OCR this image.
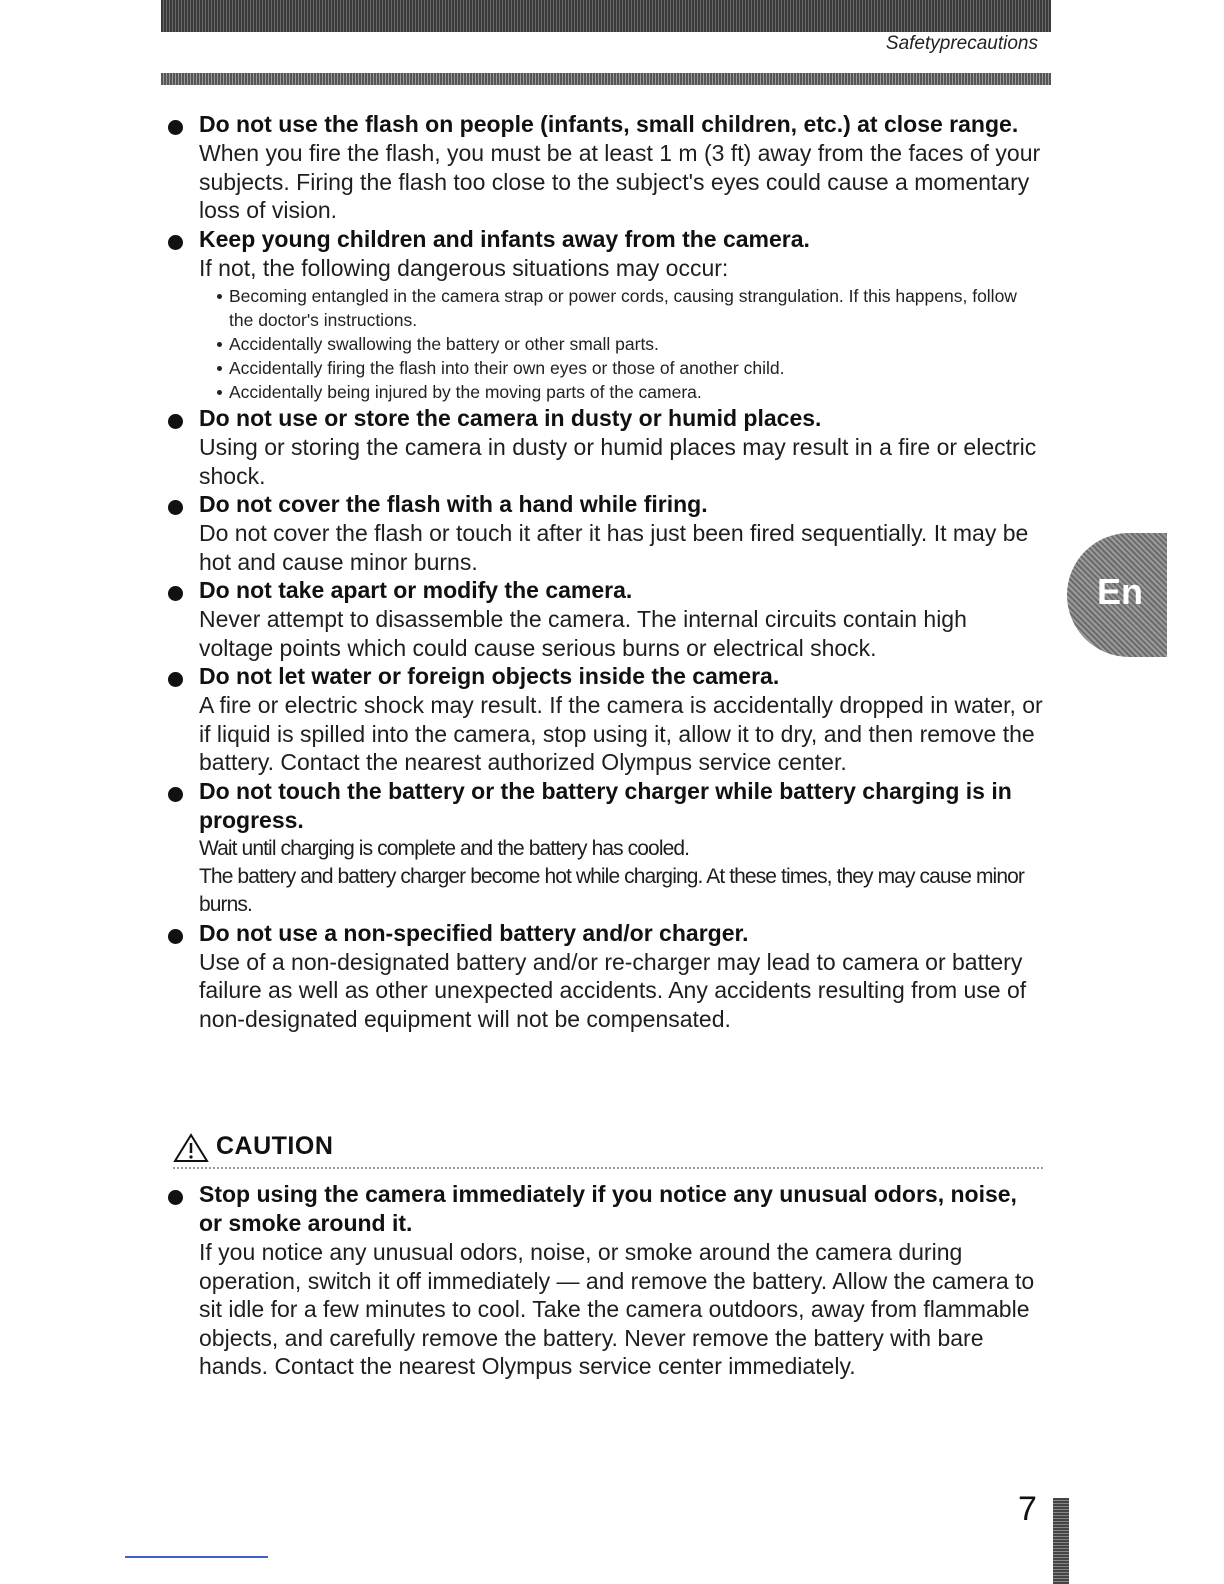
Safetyprecautions
Do not use the flash on people (infants, small children, etc.) at close range.
When you fire the flash, you must be at least 1 m (3 ft) away from the faces of your subjects. Firing the flash too close to the subject's eyes could cause a momentary loss of vision.
Keep young children and infants away from the camera.
If not, the following dangerous situations may occur:
Becoming entangled in the camera strap or power cords, causing strangulation. If this happens, follow the doctor's instructions.
Accidentally swallowing the battery or other small parts.
Accidentally firing the flash into their own eyes or those of another child.
Accidentally being injured by the moving parts of the camera.
Do not use or store the camera in dusty or humid places.
Using or storing the camera in dusty or humid places may result in a fire or electric shock.
Do not cover the flash with a hand while firing.
Do not cover the flash or touch it after it has just been fired sequentially. It may be hot and cause minor burns.
Do not take apart or modify the camera.
Never attempt to disassemble the camera. The internal circuits contain high voltage points which could cause serious burns or electrical shock.
Do not let water or foreign objects inside the camera.
A fire or electric shock may result. If the camera is accidentally dropped in water, or if liquid is spilled into the camera, stop using it, allow it to dry, and then remove the battery. Contact the nearest authorized Olympus service center.
Do not touch the battery or the battery charger while battery charging is in progress.
Wait until charging is complete and the battery has cooled.
The battery and battery charger become hot while charging. At these times, they may cause minor burns.
Do not use a non-specified battery and/or charger.
Use of a non-designated battery and/or re-charger may lead to camera or battery failure as well as other unexpected accidents. Any accidents resulting from use of non-designated equipment will not be compensated.
CAUTION
Stop using the camera immediately if you notice any unusual odors, noise, or smoke around it.
If you notice any unusual odors, noise, or smoke around the camera during operation, switch it off immediately — and remove the battery. Allow the camera to sit idle for a few minutes to cool. Take the camera outdoors, away from flammable objects, and carefully remove the battery. Never remove the battery with bare hands. Contact the nearest Olympus service center immediately.
En
7
